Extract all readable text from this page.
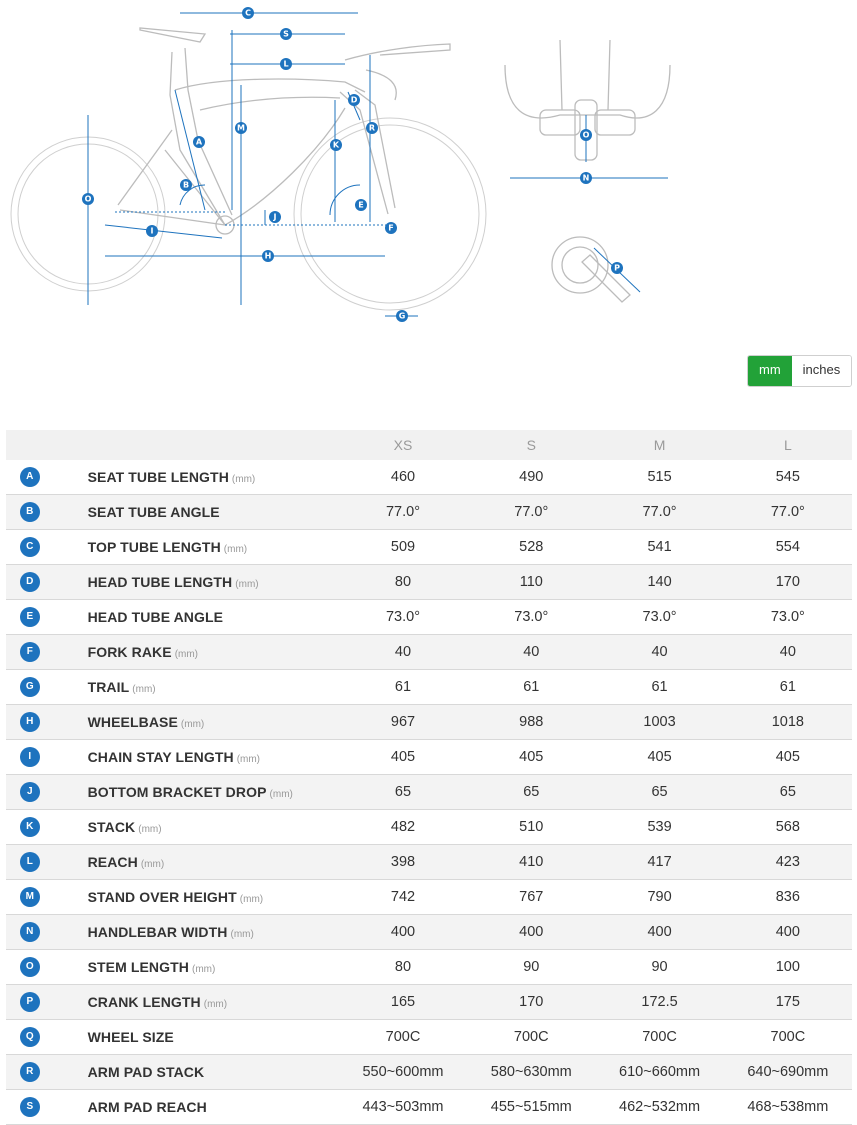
C
S
L
D
R
M
A	K
B
O
E
J
F
I
H
G
O
N
P
mm	inches
		XS	S	M	L
A	SEAT TUBE LENGTH (mm)	460	490	515	545
B	SEAT TUBE ANGLE	77.0°	77.0°	77.0°	77.0°
C	TOP TUBE LENGTH (mm)	509	528	541	554
D	HEAD TUBE LENGTH (mm)	80	110	140	170
E	HEAD TUBE ANGLE	73.0°	73.0°	73.0°	73.0°
F	FORK RAKE (mm)	40	40	40	40
G	TRAIL (mm)	61	61	61	61
H	WHEELBASE (mm)	967	988	1003	1018
I	CHAIN STAY LENGTH (mm)	405	405	405	405
J	BOTTOM BRACKET DROP (mm)	65	65	65	65
K	STACK (mm)	482	510	539	568
L	REACH (mm)	398	410	417	423
M	STAND OVER HEIGHT (mm)	742	767	790	836
N	HANDLEBAR WIDTH (mm)	400	400	400	400
O	STEM LENGTH (mm)	80	90	90	100
P	CRANK LENGTH (mm)	165	170	172.5	175
Q	WHEEL SIZE	700C	700C	700C	700C
R	ARM PAD STACK	550~600mm	580~630mm	610~660mm	640~690mm
S	ARM PAD REACH	443~503mm	455~515mm	462~532mm	468~538mm
